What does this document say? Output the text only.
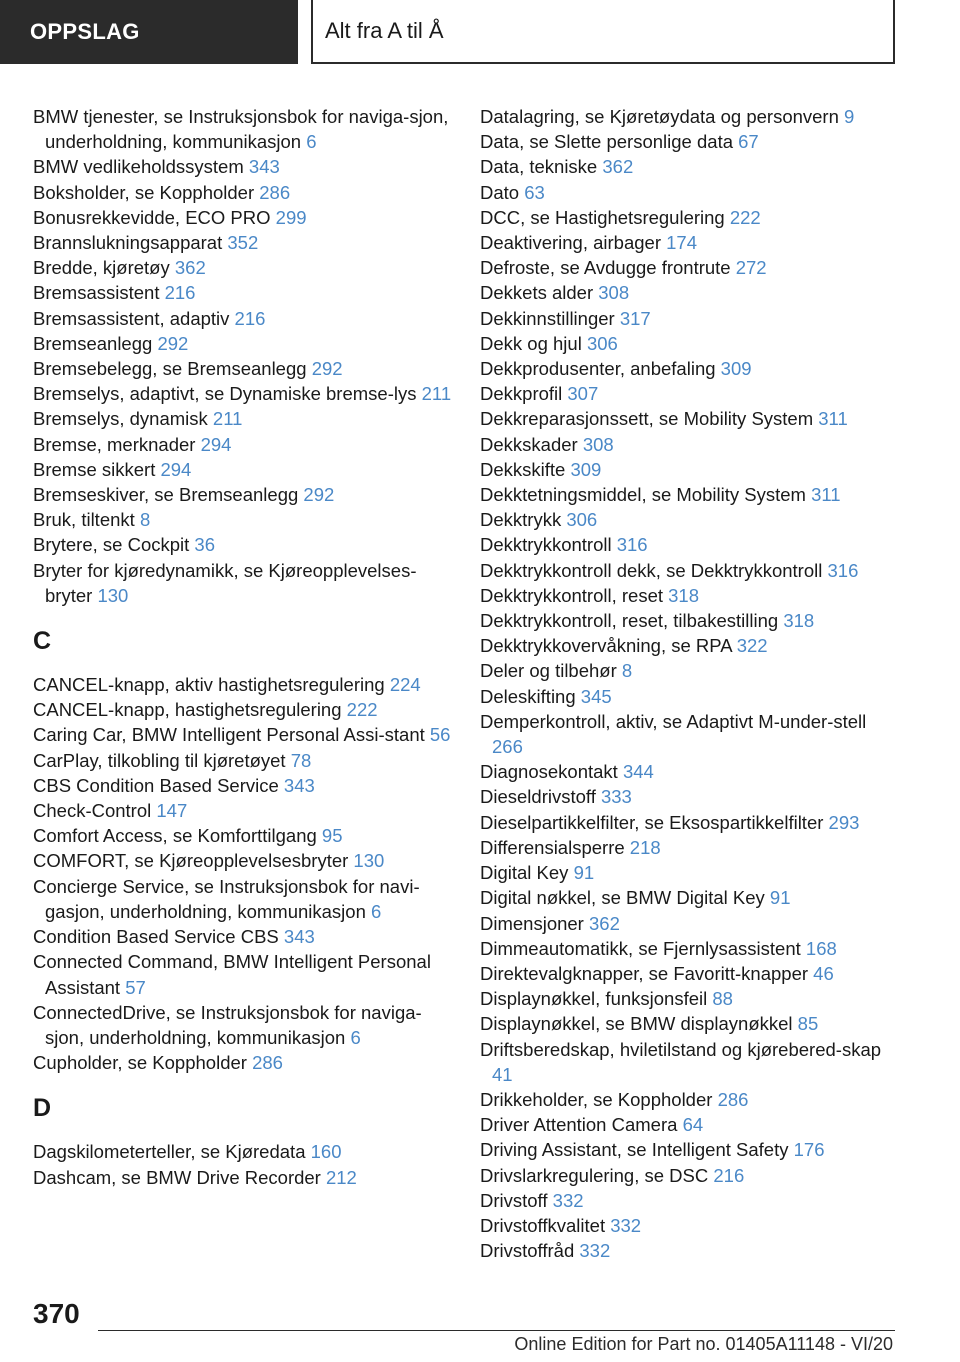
OPPSLAG	Alt fra A til Å
BMW tjenester, se Instruksjonsbok for naviga-sjon, underholdning, kommunikasjon 6
BMW vedlikeholdssystem 343
Boksholder, se Koppholder 286
Bonusrekkevidde, ECO PRO 299
Brannslukningsapparat 352
Bredde, kjøretøy 362
Bremsassistent 216
Bremsassistent, adaptiv 216
Bremseanlegg 292
Bremsebelegg, se Bremseanlegg 292
Bremselys, adaptivt, se Dynamiske bremse-lys 211
Bremselys, dynamisk 211
Bremse, merknader 294
Bremse sikkert 294
Bremseskiver, se Bremseanlegg 292
Bruk, tiltenkt 8
Brytere, se Cockpit 36
Bryter for kjøredynamikk, se Kjøreopplevelses-bryter 130
C
CANCEL-knapp, aktiv hastighetsregulering 224
CANCEL-knapp, hastighetsregulering 222
Caring Car, BMW Intelligent Personal Assi-stant 56
CarPlay, tilkobling til kjøretøyet 78
CBS Condition Based Service 343
Check-Control 147
Comfort Access, se Komforttilgang 95
COMFORT, se Kjøreopplevelsesbryter 130
Concierge Service, se Instruksjonsbok for navi-gasjon, underholdning, kommunikasjon 6
Condition Based Service CBS 343
Connected Command, BMW Intelligent Personal Assistant 57
ConnectedDrive, se Instruksjonsbok for naviga-sjon, underholdning, kommunikasjon 6
Cupholder, se Koppholder 286
D
Dagskilometerteller, se Kjøredata 160
Dashcam, se BMW Drive Recorder 212
Datalagring, se Kjøretøydata og personvern 9
Data, se Slette personlige data 67
Data, tekniske 362
Dato 63
DCC, se Hastighetsregulering 222
Deaktivering, airbager 174
Defroste, se Avdugge frontrute 272
Dekkets alder 308
Dekkinnstillinger 317
Dekk og hjul 306
Dekkprodusenter, anbefaling 309
Dekkprofil 307
Dekkreparasjonssett, se Mobility System 311
Dekkskader 308
Dekkskifte 309
Dekktetningsmiddel, se Mobility System 311
Dekktrykk 306
Dekktrykkontroll 316
Dekktrykkontroll dekk, se Dekktrykkontroll 316
Dekktrykkontroll, reset 318
Dekktrykkontroll, reset, tilbakestilling 318
Dekktrykkovervåkning, se RPA 322
Deler og tilbehør 8
Deleskifting 345
Demperkontroll, aktiv, se Adaptivt M-under-stell 266
Diagnosekontakt 344
Dieseldrivstoff 333
Dieselpartikkelfilter, se Eksospartikkelfilter 293
Differensialsperre 218
Digital Key 91
Digital nøkkel, se BMW Digital Key 91
Dimensjoner 362
Dimmeautomatikk, se Fjernlysassistent 168
Direktevalgknapper, se Favoritt-knapper 46
Displaynøkkel, funksjonsfeil 88
Displaynøkkel, se BMW displaynøkkel 85
Driftsberedskap, hviletilstand og kjørebered-skap 41
Drikkeholder, se Koppholder 286
Driver Attention Camera 64
Driving Assistant, se Intelligent Safety 176
Drivslarkregulering, se DSC 216
Drivstoff 332
Drivstoffkvalitet 332
Drivstoffråd 332
370
Online Edition for Part no. 01405A11148 - VI/20
